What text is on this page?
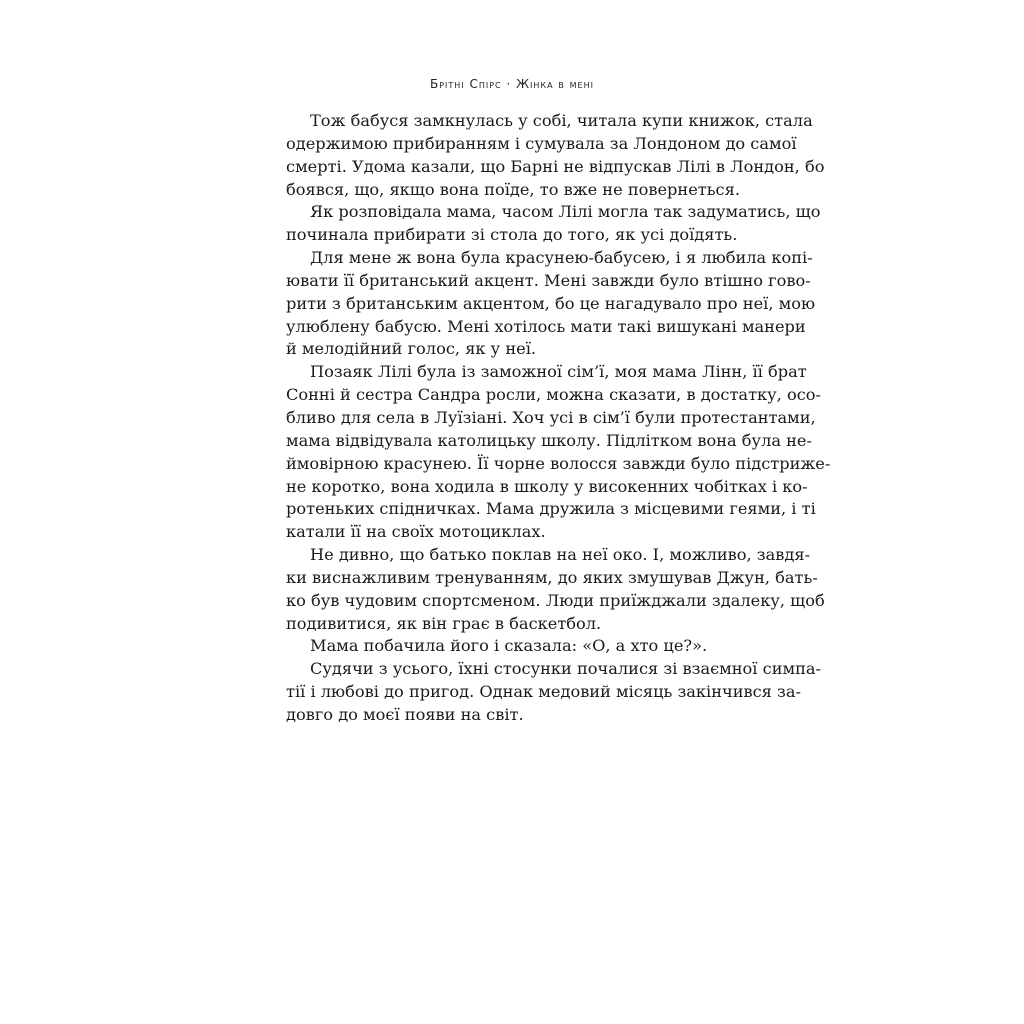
Брітні Спірс · Жінка в мені
Тож бабуся замкнулась у собі, читала купи книжок, стала
одержимою прибиранням і сумувала за Лондоном до самої
смерті. Удома казали, що Барні не відпускав Лілі в Лондон, бо
боявся, що, якщо вона поїде, то вже не повернеться.
Як розповідала мама, часом Лілі могла так задуматись, що
починала прибирати зі стола до того, як усі доїдять.
Для мене ж вона була красунею-бабусею, і я любила копі-
ювати її британський акцент. Мені завжди було втішно гово-
рити з британським акцентом, бо це нагадувало про неї, мою
улюблену бабусю. Мені хотілось мати такі вишукані манери
й мелодійний голос, як у неї.
Позаяк Лілі була із заможної сім’ї, моя мама Лінн, її брат
Сонні й сестра Сандра росли, можна сказати, в достатку, осо-
бливо для села в Луїзіані. Хоч усі в сім’ї були протестантами,
мама відвідувала католицьку школу. Підлітком вона була не-
ймовірною красунею. Її чорне волосся завжди було підстриже-
не коротко, вона ходила в школу у високенних чобітках і ко-
ротеньких спідничках. Мама дружила з місцевими геями, і ті
катали її на своїх мотоциклах.
Не дивно, що батько поклав на неї око. І, можливо, завдя-
ки виснажливим тренуванням, до яких змушував Джун, бать-
ко був чудовим спортсменом. Люди приїжджали здалеку, щоб
подивитися, як він грає в баскетбол.
Мама побачила його і сказала: «О, а хто це?».
Судячи з усього, їхні стосунки почалися зі взаємної симпа-
тії і любові до пригод. Однак медовий місяць закінчився за-
довго до моєї появи на світ.
